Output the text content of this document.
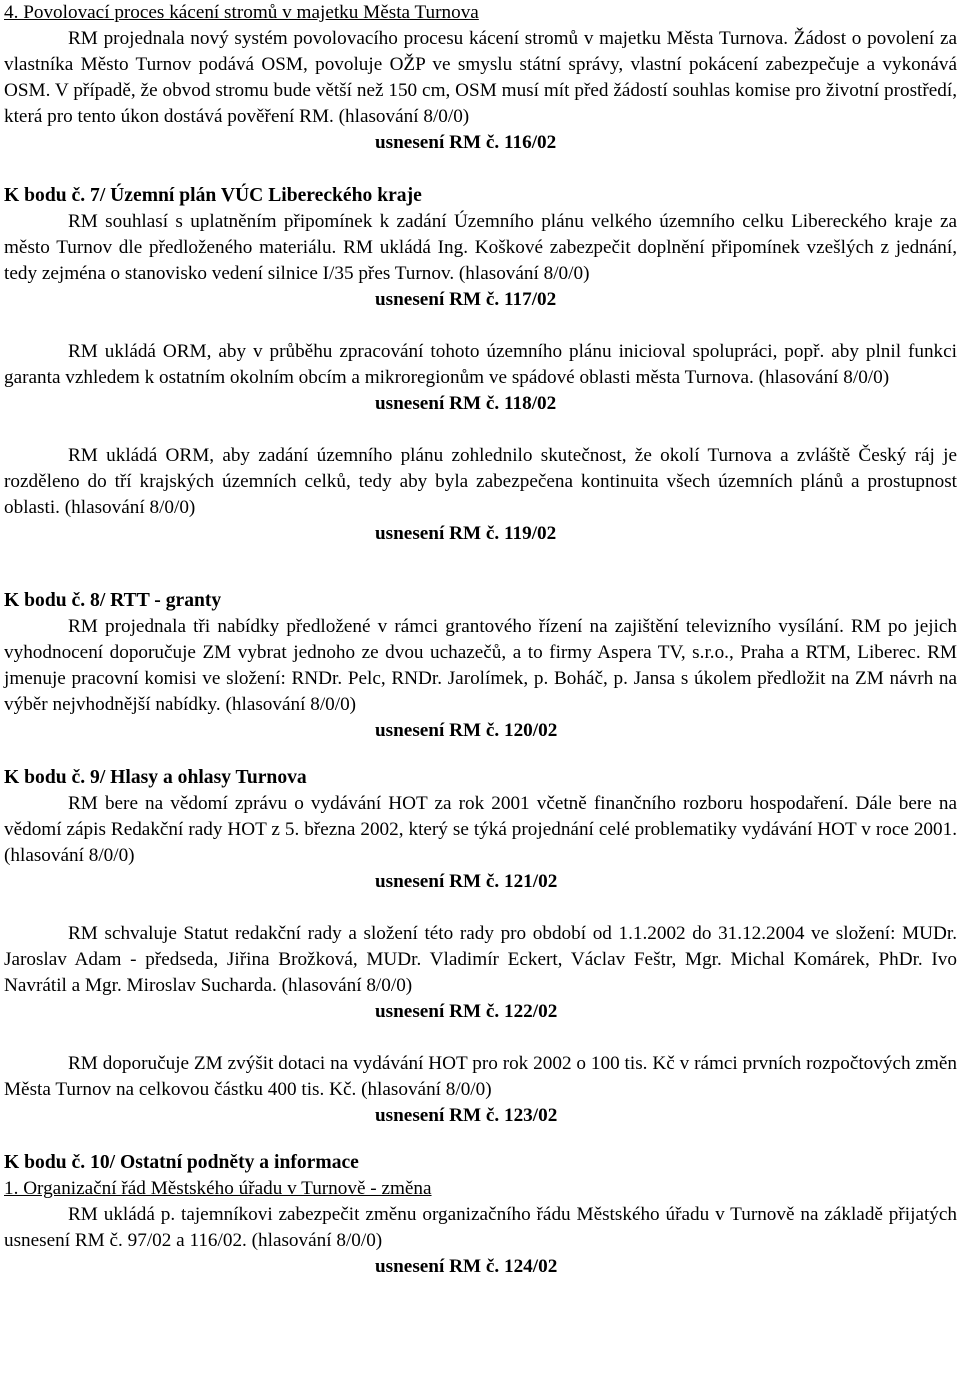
4. Povolovací proces kácení stromů v majetku Města Turnova

RM projednala nový systém povolovacího procesu kácení stromů v majetku Města Turnova. Žádost o povolení za vlastníka Město Turnov podává OSM, povoluje OŽP ve smyslu státní správy, vlastní pokácení zabezpečuje a vykonává OSM. V případě, že obvod stromu bude větší než 150 cm, OSM musí mít před žádostí souhlas komise pro životní prostředí, která pro tento úkon dostává pověření RM. (hlasování 8/0/0)

usnesení RM č. 116/02
K bodu č. 7/ Územní plán VÚC Libereckého kraje

RM souhlasí s uplatněním připomínek k zadání Územního plánu velkého územního celku Libereckého kraje za město Turnov dle předloženého materiálu. RM ukládá Ing. Koškové zabezpečit doplnění připomínek vzešlých z jednání, tedy zejména o stanovisko vedení silnice I/35 přes Turnov. (hlasování 8/0/0)

usnesení RM č. 117/02

RM ukládá ORM, aby v průběhu zpracování tohoto územního plánu inicioval spolupráci, popř. aby plnil funkci garanta vzhledem k ostatním okolním obcím a mikroregionům ve spádové oblasti města Turnova. (hlasování 8/0/0)

usnesení RM č. 118/02

RM ukládá ORM, aby zadání územního plánu zohlednilo skutečnost, že okolí Turnova a zvláště Český ráj je rozděleno do tří krajských územních celků, tedy aby byla zabezpečena kontinuita všech územních plánů a prostupnost oblasti. (hlasování 8/0/0)

usnesení RM č. 119/02
K bodu č. 8/ RTT - granty

RM projednala tři nabídky předložené v rámci grantového řízení na zajištění televizního vysílání. RM po jejich vyhodnocení doporučuje ZM vybrat jednoho ze dvou uchazečů, a to firmy Aspera TV, s.r.o., Praha a RTM, Liberec. RM jmenuje pracovní komisi ve složení: RNDr. Pelc, RNDr. Jarolímek, p. Boháč, p. Jansa s úkolem předložit na ZM návrh na výběr nejvhodnější nabídky. (hlasování 8/0/0)

usnesení RM č. 120/02
K bodu č. 9/ Hlasy a ohlasy Turnova

RM bere na vědomí zprávu o vydávání HOT za rok 2001 včetně finančního rozboru hospodaření. Dále bere na vědomí zápis Redakční rady HOT z 5. března 2002, který se týká projednání celé problematiky vydávání HOT v roce 2001. (hlasování 8/0/0)

usnesení RM č. 121/02

RM schvaluje Statut redakční rady a složení této rady pro období od 1.1.2002 do 31.12.2004 ve složení: MUDr. Jaroslav Adam - předseda, Jiřina Brožková, MUDr. Vladimír Eckert, Václav Feštr, Mgr. Michal Komárek, PhDr. Ivo Navrátil a Mgr. Miroslav Sucharda. (hlasování 8/0/0)

usnesení RM č. 122/02

RM doporučuje ZM zvýšit dotaci na vydávání HOT pro rok 2002 o 100 tis. Kč v rámci prvních rozpočtových změn Města Turnov na celkovou částku 400 tis. Kč. (hlasování 8/0/0)

usnesení RM č. 123/02
K bodu č. 10/ Ostatní podněty a informace

1. Organizační řád Městského úřadu v Turnově - změna

RM ukládá p. tajemníkovi zabezpečit změnu organizačního řádu Městského úřadu v Turnově na základě přijatých usnesení RM č. 97/02 a 116/02. (hlasování 8/0/0)

usnesení RM č. 124/02
